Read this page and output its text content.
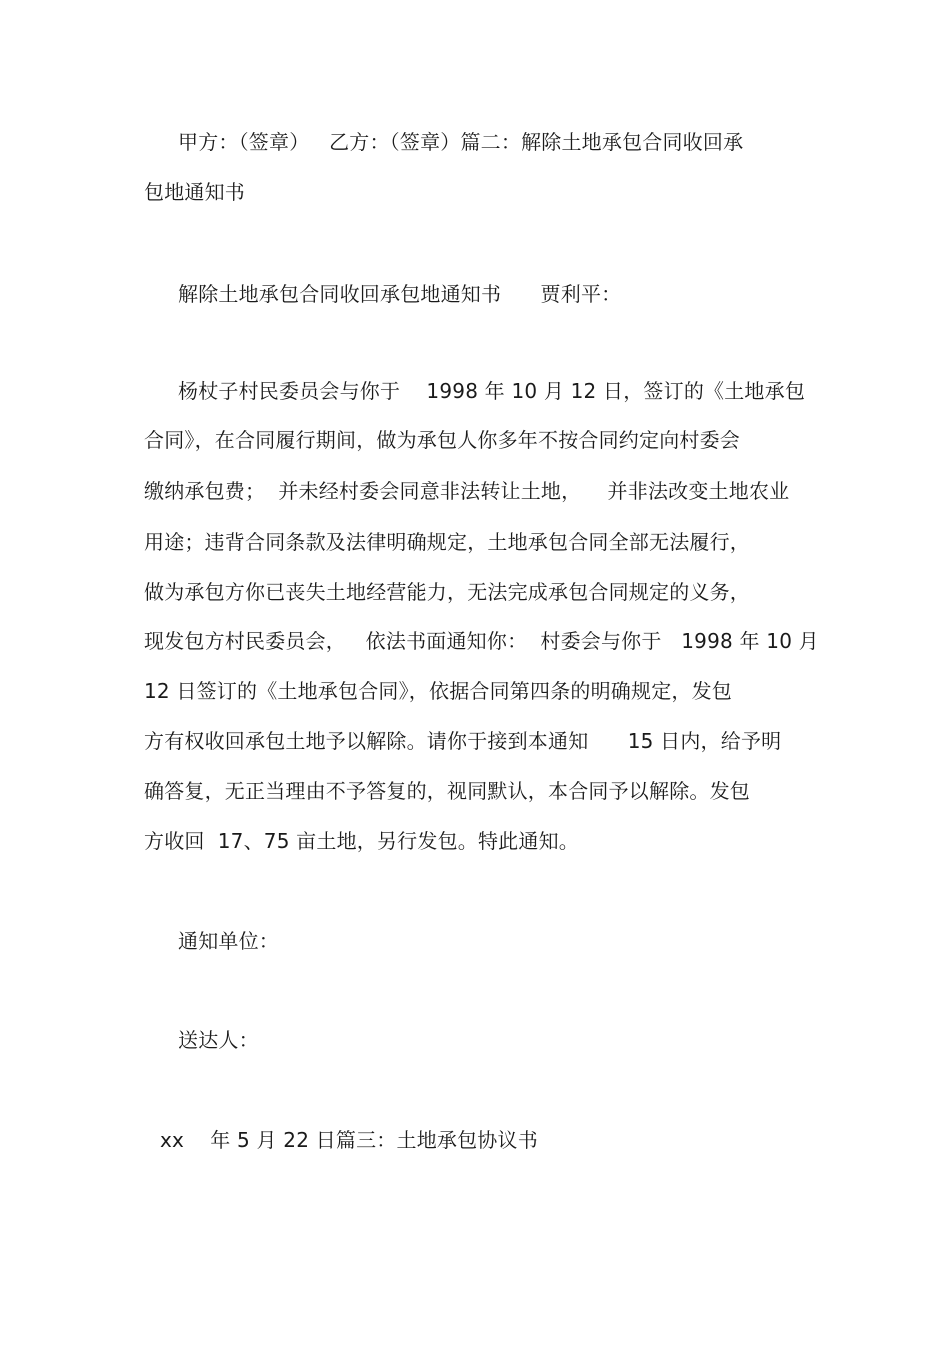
甲方：（签章）   乙方：（签章）篇二：解除土地承包合同收回承
包地通知书
解除土地承包合同收回承包地通知书      贾利平：
杨杖子村民委员会与你于    1998 年 10 月 12 日，签订的《土地承包
合同》，在合同履行期间，做为承包人你多年不按合同约定向村委会
缴纳承包费；  并未经村委会同意非法转让土地，    并非法改变土地农业
用途；违背合同条款及法律明确规定，土地承包合同全部无法履行，
做为承包方你已丧失土地经营能力，无法完成承包合同规定的义务，
现发包方村民委员会，   依法书面通知你：  村委会与你于   1998 年 10 月
12 日签订的《土地承包合同》，依据合同第四条的明确规定，发包
方有权收回承包土地予以解除。请你于接到本通知      15 日内，给予明
确答复，无正当理由不予答复的，视同默认，本合同予以解除。发包
方收回  17、75 亩土地，另行发包。特此通知。
通知单位：
送达人：
xx    年 5 月 22 日篇三：土地承包协议书
